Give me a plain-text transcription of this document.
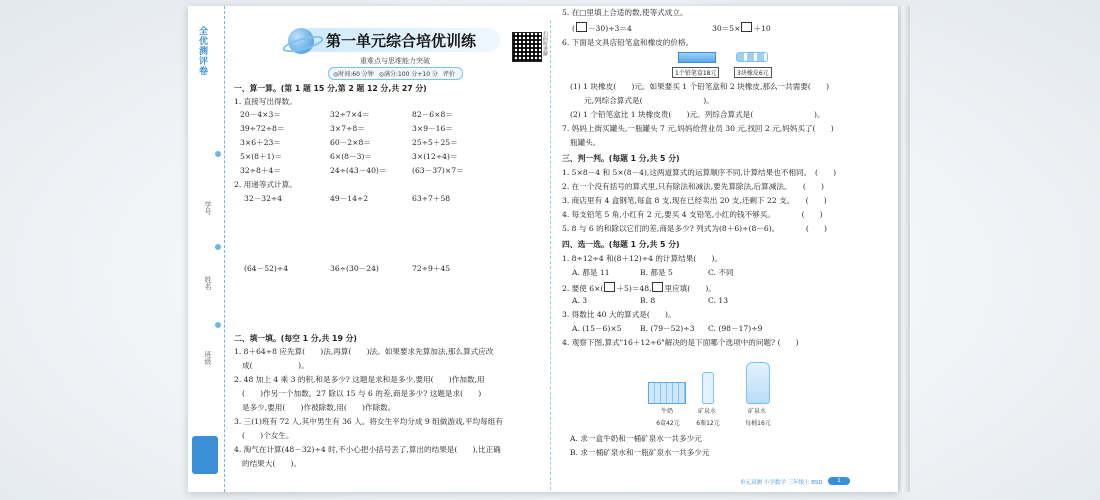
全优测评卷
学号
姓名
班级
第一单元综合培优训练
重难点与思维能力突破
◎时间:60 分钟 ◎满分:100 分+10 分 评价
扫码听讲解
一、算一算。(第 1 题 15 分,第 2 题 12 分,共 27 分)
1. 直接写出得数。
20－4×3＝	32÷7×4＝	82－6×8＝
39÷72÷8＝	3×7÷8＝	3×9－16＝
3×6＋23＝	60－2×8＝	25÷5＋25＝
5×(8＋1)＝	6×(8－3)＝	3×(12÷4)＝
32÷8＋4＝	24÷(43－40)＝	(63－37)×7＝
2. 用递等式计算。
32－32÷4	49－14÷2	63÷7＋58
(64－52)÷4	36÷(30－24)	72÷9＋45
二、填一填。(每空 1 分,共 19 分)
1. 8＋64÷8 应先算(　　)法,再算(　　)法。如果要求先算加法,那么算式应改
成(　　　　　　)。
2. 48 加上 4 乘 3 的积,和是多少? 这题是求和是多少,要用(　　)作加数,用
(　　)作另一个加数。27 除以 15 与 6 的差,商是多少? 这题是求(　　)
是多少,要用(　　)作被除数,用(　　)作除数。
3. 三(1)班有 72 人,其中男生有 36 人。将女生平均分成 9 组做游戏,平均每组有
(　　)个女生。
4. 淘气在计算(48－32)÷4 时,不小心把小括号丢了,算出的结果是(　　),比正确
的结果大(　　)。
5. 在□里填上合适的数,使等式成立。
( －30)÷3＝4	30＝5× ＋10
6. 下面是文具店铅笔盒和橡皮的价格。
1个铅笔盒18元	3块橡皮6元
(1) 1 块橡皮(　　)元。如果要买 1 个铅笔盒和 2 块橡皮,那么一共需要(　　)
元,列综合算式是(　　　　　　　　)。
(2) 1 个铅笔盒比 1 块橡皮贵(　　)元。列综合算式是(　　　　　　　　)。
7. 妈妈上街买罐头,一瓶罐头 7 元,妈妈给营业员 30 元,找回 2 元,妈妈买了(　　)
瓶罐头。
三、判一判。(每题 1 分,共 5 分)
1. 5×8－4 和 5×(8－4),这两道算式的运算顺序不同,计算结果也不相同。　(　　)
2. 在一个没有括号的算式里,只有除法和减法,要先算除法,后算减法。　　(　　)
3. 商店里有 4 盒钢笔,每盒 8 支,现在已经卖出 20 支,还剩下 22 支。　　(　　)
4. 每支铅笔 5 角,小红有 2 元,要买 4 支铅笔,小红的钱不够买。　　　　(　　)
5. 8 与 6 的和除以它们的差,商是多少? 列式为(8＋6)÷(8－6)。　　　　(　　)
四、选一选。(每题 1 分,共 5 分)
1. 8÷12÷4 和(8＋12)÷4 的计算结果(　　)。
A. 都是 11	B. 都是 5	C. 不同
2. 要使 6×( ＋5)＝48, 里应填(　　)。
A. 3	B. 8	C. 13
3. 得数比 40 大的算式是(　　)。
A. (15－6)×5 B. (79－52)÷3 C. (98－17)÷9
4. 观察下图,算式"16＋12÷6"解决的是下面哪个选项中的问题? (　　)
牛奶
6盒42元
矿泉水
6瓶12元
矿泉水
每桶16元
A. 求一盒牛奶和一桶矿泉水一共多少元
B. 求一桶矿泉水和一瓶矿泉水一共多少元
单元双测 小学数学 三年级上 BSD	1
